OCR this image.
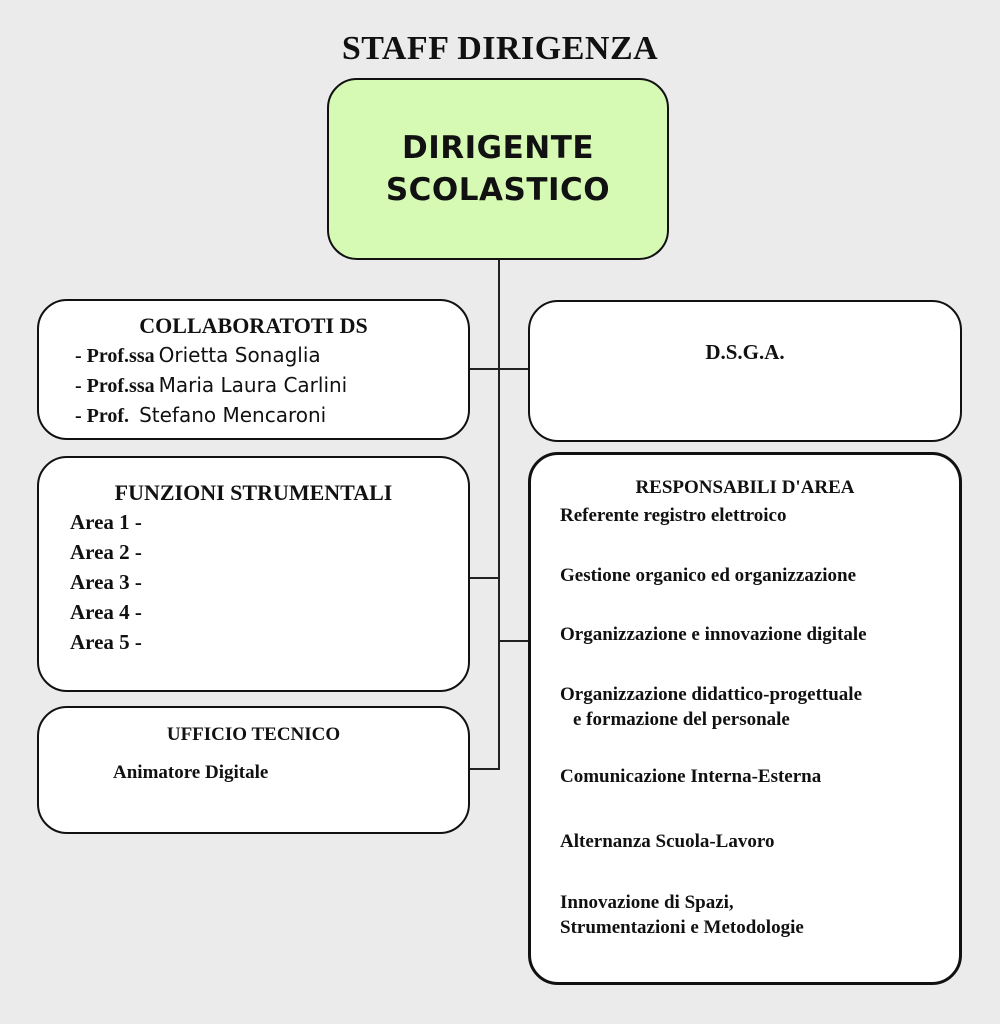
STAFF DIRIGENZA
DIRIGENTE
SCOLASTICO
COLLABORATOTI DS
- Prof.ssa Orietta Sonaglia
- Prof.ssa Maria Laura Carlini
- Prof. Stefano Mencaroni
D.S.G.A.
FUNZIONI STRUMENTALI
Area 1 -
Area 2 -
Area 3 -
Area 4 -
Area 5 -
UFFICIO TECNICO
Animatore Digitale
RESPONSABILI D'AREA
Referente registro elettroico
Gestione organico ed organizzazione
Organizzazione e innovazione digitale
Organizzazione didattico-progettuale
e formazione del personale
Comunicazione Interna-Esterna
Alternanza Scuola-Lavoro
Innovazione di Spazi,
Strumentazioni e Metodologie
